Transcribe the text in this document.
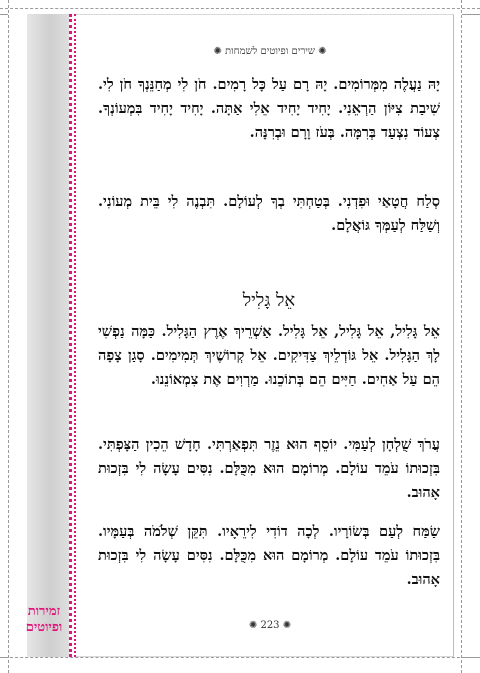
זמירות ופיוטים
✺ שירים ופיוטים לשמחות ✺
יָהּ נַעֲלֶה מִמְּרוֹמִים. יָהּ רָם עַל כָּל רָמִים. חֹן לִי מְחַנֵּנְךָ חֹן לִי. שִׁיבַת צִיּוֹן הַרְאֵנִי. יָחִיד יָחִיד אֵלִי אַתָּה. יָחִיד יָחִיד בִּמְעוֹנְךָ. צְעוֹד נִצְעַד בְּרִמָּה. בְּעֹז וָרָם וּבְרִנָּה.
סְלַח חֲטָאַי וּפִדְנִי. בְּטַחְתִּי בְךָ לְעוֹלָם. תִּבְנֶה לִי בֵּית מְעוֹנִי. וְשַׁלַּח לְעַמְּךָ גּוֹאֲלָם.
אֵל גָּלִיל
אֵל גָּלִיל, אֵל גָּלִיל, אֵל גָּלִיל. אַשְׁרֵיךְ אֶרֶץ הַגָּלִיל. כַּמָּה נַפְשִׁי לָךְ הַגָּלִיל. אֵל גּוֹדְלֵיךְ צַדִּיקִים. אֵל קְרוֹשֶׁיךְ תְּמִימִים. סָגַן צָפָה הֵם עַל אַחִים. חַיִּים הֵם בְּתוֹכֵנוּ. מַרְוִים אֶת צִמְאוֹנֵנוּ.
עֲרֹךְ שֻׁלְחָן לְעַמִּי. יוֹסֵף הוּא נֵזֶר תִּפְאַרְתִּי. חָדָשׁ הֵכִין הַצָּפְתִּי. בִּזְכוּתוֹ עֹמֵד עוֹלָם. מְרוֹמָם הוּא מִכֻּלָּם. נִסִּים עָשָׂה לִי בִּזְכוּת אָהוּב.
שַׂמַּח לְעַם בְּשׂוֹרָיו. לְכָה דוֹדִי לִירֵאָיו. תִּקֵּן שְׁלֹמֹה בְּעַמָּיו. בִּזְכוּתוֹ עֹמֵד עוֹלָם. מְרוֹמָם הוּא מִכֻּלָּם. נִסִּים עָשָׂה לִי בִּזְכוּת אָהוּב.
✺ 223 ✺
